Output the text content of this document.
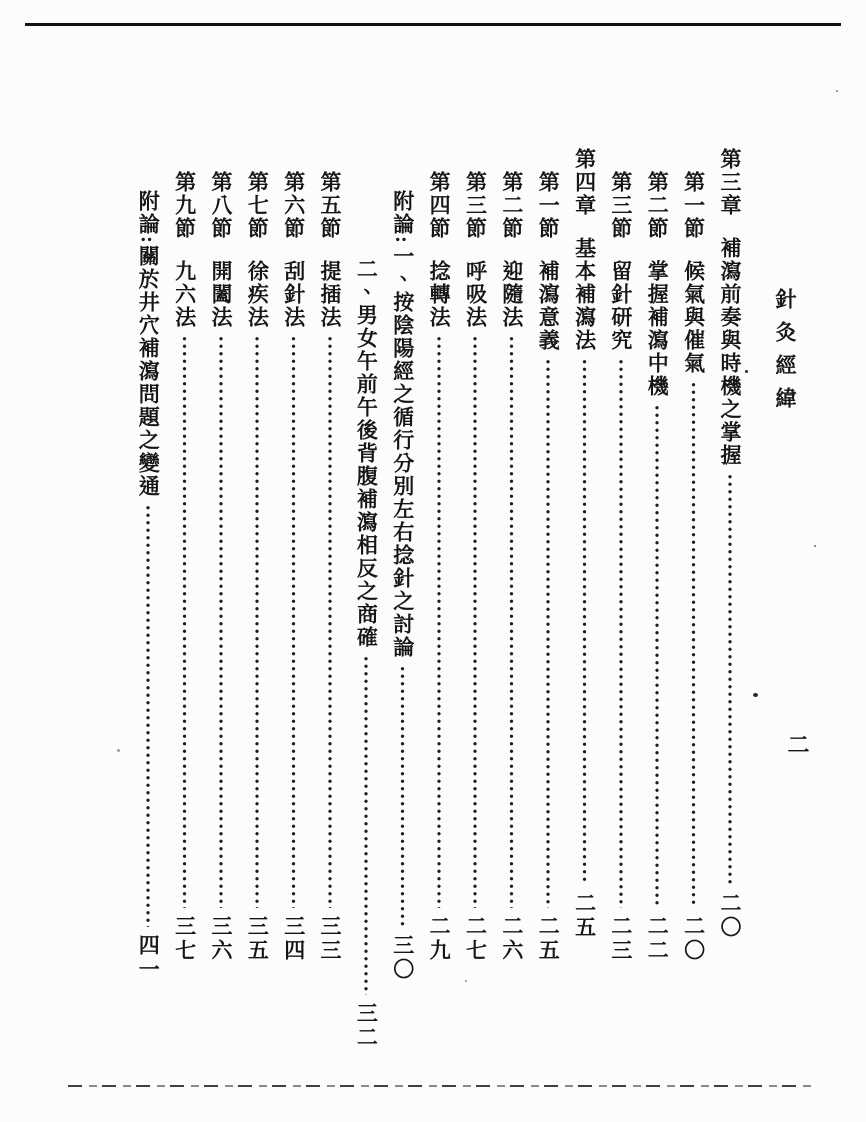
針灸經緯
二
第三章
補瀉前奏與時機之掌握
二〇
第一節
候氣與催氣
二〇
第二節
掌握補瀉中機
二二
第三節
留針研究
二三
第四章
基本補瀉法
二五
第一節
補瀉意義
二五
第二節
迎隨法
二六
第三節
呼吸法
二七
第四節
捻轉法
二九
附論:
一、按陰陽經之循行分別左右捻針之討論
三〇
二、男女午前午後背腹補瀉相反之商確
三二
第五節
提插法
三三
第六節
刮針法
三四
第七節
徐疾法
三五
第八節
開闔法
三六
第九節
九六法
三七
附論:
關於井穴補瀉問題之變通
四一
